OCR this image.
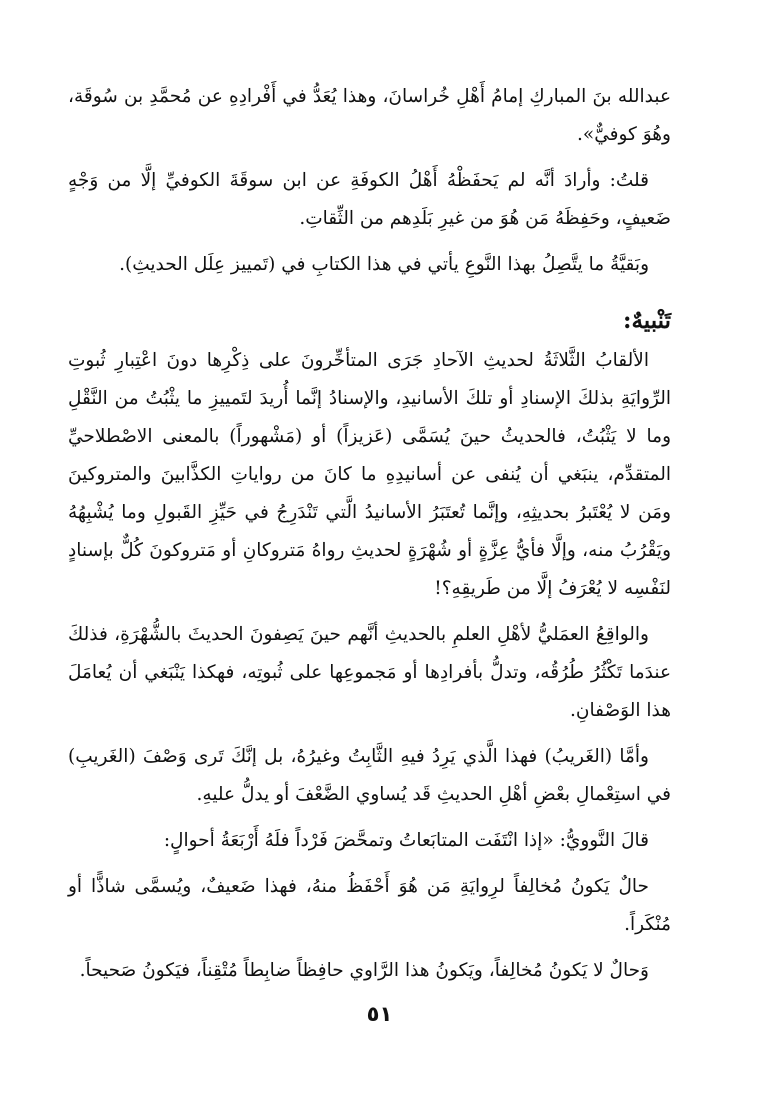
عبدالله بنَ المباركِ إمامُ أَهْلِ خُراسانَ، وهذا يُعَدُّ في أَفْرادِهِ عن مُحمَّدِ بن سُوقَة، وهُوَ كوفيٌّ».

قلتُ: وأرادَ أنَّه لم يَحفَظْهُ أَهْلُ الكوفَةِ عن ابن سوقَةَ الكوفيِّ إلَّا من وَجْهٍ ضَعيفٍ، وحَفِظَهُ مَن هُوَ من غيرِ بَلَدِهم من الثِّقاتِ.

وبَقيَّةُ ما يتَّصِلُ بهذا النَّوعِ يأتي في هذا الكتابِ في (تَمييز عِلَل الحديثِ).

تَنْبيهٌ:

الألقابُ الثَّلاثَةُ لحديثِ الآحادِ جَرَى المتأخِّرونَ على ذِكْرِها دونَ اعْتِبارِ ثُبوتِ الرِّوايَةِ بذلكَ الإسنادِ أو تلكَ الأسانيدِ، والإسنادُ إنَّما أُريدَ لتَمييزِ ما يثْبُتُ من النَّقْلِ وما لا يَثْبُتُ، فالحديثُ حينَ يُسَمَّى (عَزيزاً) أو (مَشْهوراً) بالمعنى الاصْطلاحيِّ المتقدِّم، ينبَغي أن يُنفى عن أسانيدِهِ ما كانَ من رواياتِ الكذَّابينَ والمتروكينَ ومَن لا يُعْتَبرُ بحديثِهِ، وإنَّما تُعتَبَرُ الأسانيدُ الَّتي تَنْدَرِجُ في حَيِّزِ القَبولِ وما يُشْبِهُهُ ويَقْرُبُ منه، وإلَّا فأيُّ عِزَّةٍ أو شُهْرَةٍ لحديثِ رواهُ مَتروكانِ أو مَتروكونَ كُلٌّ بإسنادٍ لنَفْسِه لا يُعْرَفُ إلَّا من طَريقِهِ؟!

والواقِعُ العمَليُّ لأهْلِ العلمِ بالحديثِ أنَّهم حينَ يَصِفونَ الحديثَ بالشُّهْرَةِ، فذلكَ عندَما تَكْثُرُ طُرُقُه، وتدلُّ بأفرادِها أو مَجموعِها على ثُبوتِه، فهكذا يَنْبَغي أن يُعامَلَ هذا الوَصْفانِ.

وأمَّا (الغَريبُ) فهذا الَّذي يَرِدُ فيهِ الثَّابِتُ وغيرُهُ، بل إنَّكَ تَرى وَصْفَ (الغَريبِ) في استِعْمالِ بعْضِ أهْلِ الحديثِ قَد يُساوي الضَّعْفَ أو يدلُّ عليهِ.

قالَ النَّوويُّ: «إذا انْتَفَت المتابَعاتُ وتمحَّضَ فَرْداً فلَهُ أَرْبَعَةُ أحوالٍ:

حالٌ يَكونُ مُخالِفاً لرِوايَةِ مَن هُوَ أَحْفَظُ منهُ، فهذا ضَعيفٌ، ويُسمَّى شاذًّا أو مُنْكَراً.

وَحالٌ لا يَكونُ مُخالِفاً، ويَكونُ هذا الرَّاوي حافِظاً ضابِطاً مُتْقِناً، فيَكونُ صَحيحاً.

٥١
